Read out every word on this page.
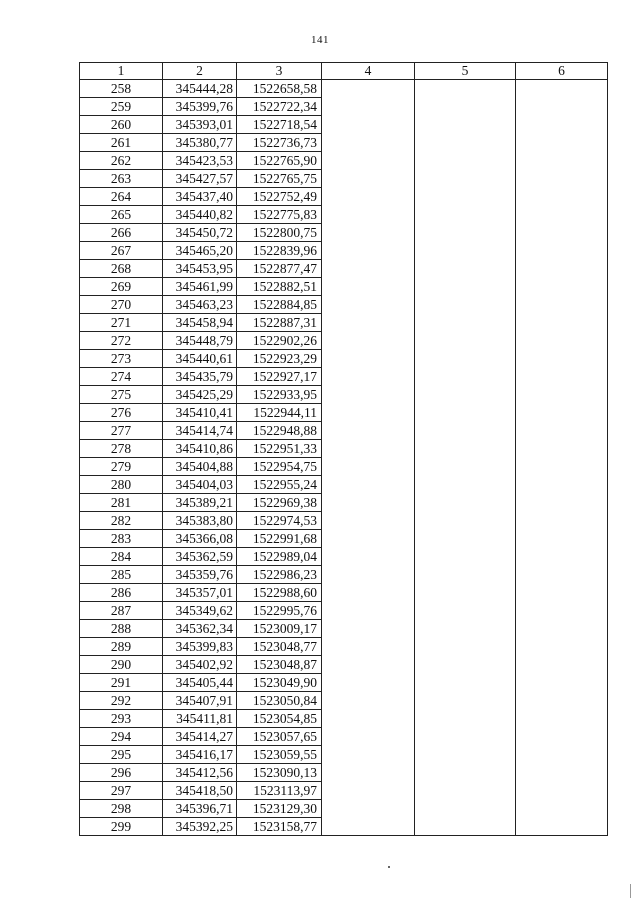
141
1	2	3	4	5	6
258	345444,28	1522658,58			
259	345399,76	1522722,34			
260	345393,01	1522718,54			
261	345380,77	1522736,73			
262	345423,53	1522765,90			
263	345427,57	1522765,75			
264	345437,40	1522752,49			
265	345440,82	1522775,83			
266	345450,72	1522800,75			
267	345465,20	1522839,96			
268	345453,95	1522877,47			
269	345461,99	1522882,51			
270	345463,23	1522884,85			
271	345458,94	1522887,31			
272	345448,79	1522902,26			
273	345440,61	1522923,29			
274	345435,79	1522927,17			
275	345425,29	1522933,95			
276	345410,41	1522944,11			
277	345414,74	1522948,88			
278	345410,86	1522951,33			
279	345404,88	1522954,75			
280	345404,03	1522955,24			
281	345389,21	1522969,38			
282	345383,80	1522974,53			
283	345366,08	1522991,68			
284	345362,59	1522989,04			
285	345359,76	1522986,23			
286	345357,01	1522988,60			
287	345349,62	1522995,76			
288	345362,34	1523009,17			
289	345399,83	1523048,77			
290	345402,92	1523048,87			
291	345405,44	1523049,90			
292	345407,91	1523050,84			
293	345411,81	1523054,85			
294	345414,27	1523057,65			
295	345416,17	1523059,55			
296	345412,56	1523090,13			
297	345418,50	1523113,97			
298	345396,71	1523129,30			
299	345392,25	1523158,77			
